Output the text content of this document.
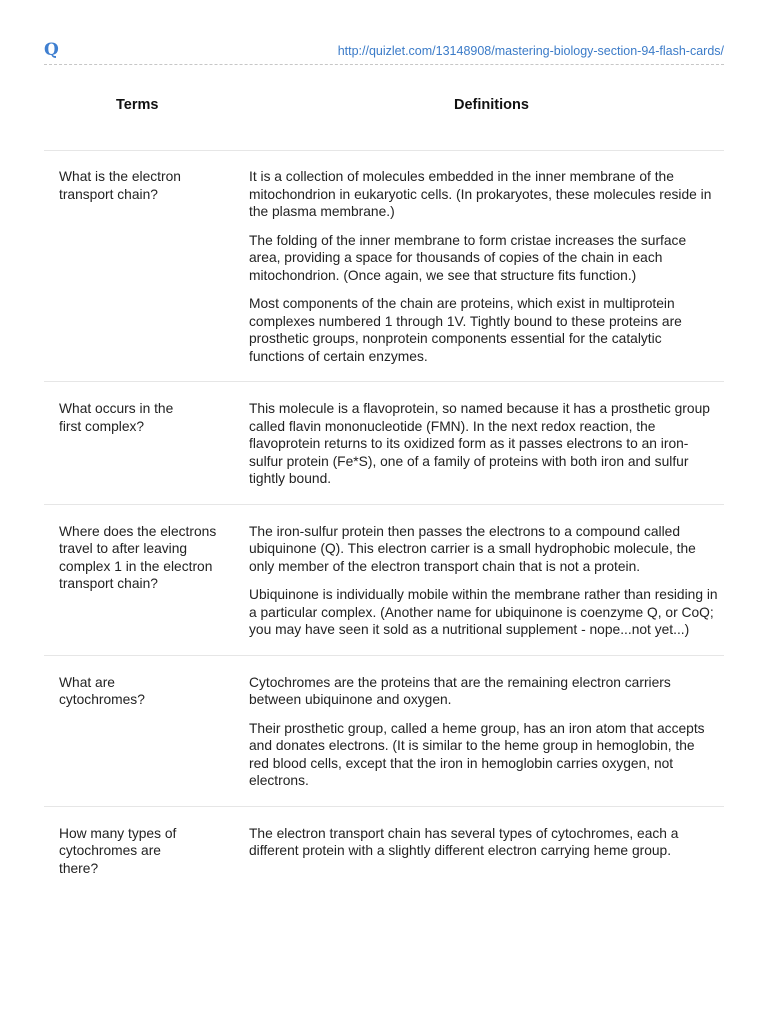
Q	http://quizlet.com/13148908/mastering-biology-section-94-flash-cards/
Terms	Definitions
What is the electron transport chain?

It is a collection of molecules embedded in the inner membrane of the mitochondrion in eukaryotic cells. (In prokaryotes, these molecules reside in the plasma membrane.)

The folding of the inner membrane to form cristae increases the surface area, providing a space for thousands of copies of the chain in each mitochondrion. (Once again, we see that structure fits function.)

Most components of the chain are proteins, which exist in multiprotein complexes numbered 1 through 1V. Tightly bound to these proteins are prosthetic groups, nonprotein components essential for the catalytic functions of certain enzymes.

What occurs in the first complex?

This molecule is a flavoprotein, so named because it has a prosthetic group called flavin mononucleotide (FMN). In the next redox reaction, the flavoprotein returns to its oxidized form as it passes electrons to an iron-sulfur protein (Fe*S), one of a family of proteins with both iron and sulfur tightly bound.

Where does the electrons travel to after leaving complex 1 in the electron transport chain?

The iron-sulfur protein then passes the electrons to a compound called ubiquinone (Q). This electron carrier is a small hydrophobic molecule, the only member of the electron transport chain that is not a protein.

Ubiquinone is individually mobile within the membrane rather than residing in a particular complex. (Another name for ubiquinone is coenzyme Q, or CoQ; you may have seen it sold as a nutritional supplement - nope...not yet...)

What are cytochromes?

Cytochromes are the proteins that are the remaining electron carriers between ubiquinone and oxygen.

Their prosthetic group, called a heme group, has an iron atom that accepts and donates electrons. (It is similar to the heme group in hemoglobin, the red blood cells, except that the iron in hemoglobin carries oxygen, not electrons.

How many types of cytochromes are there?

The electron transport chain has several types of cytochromes, each a different protein with a slightly different electron carrying heme group.
